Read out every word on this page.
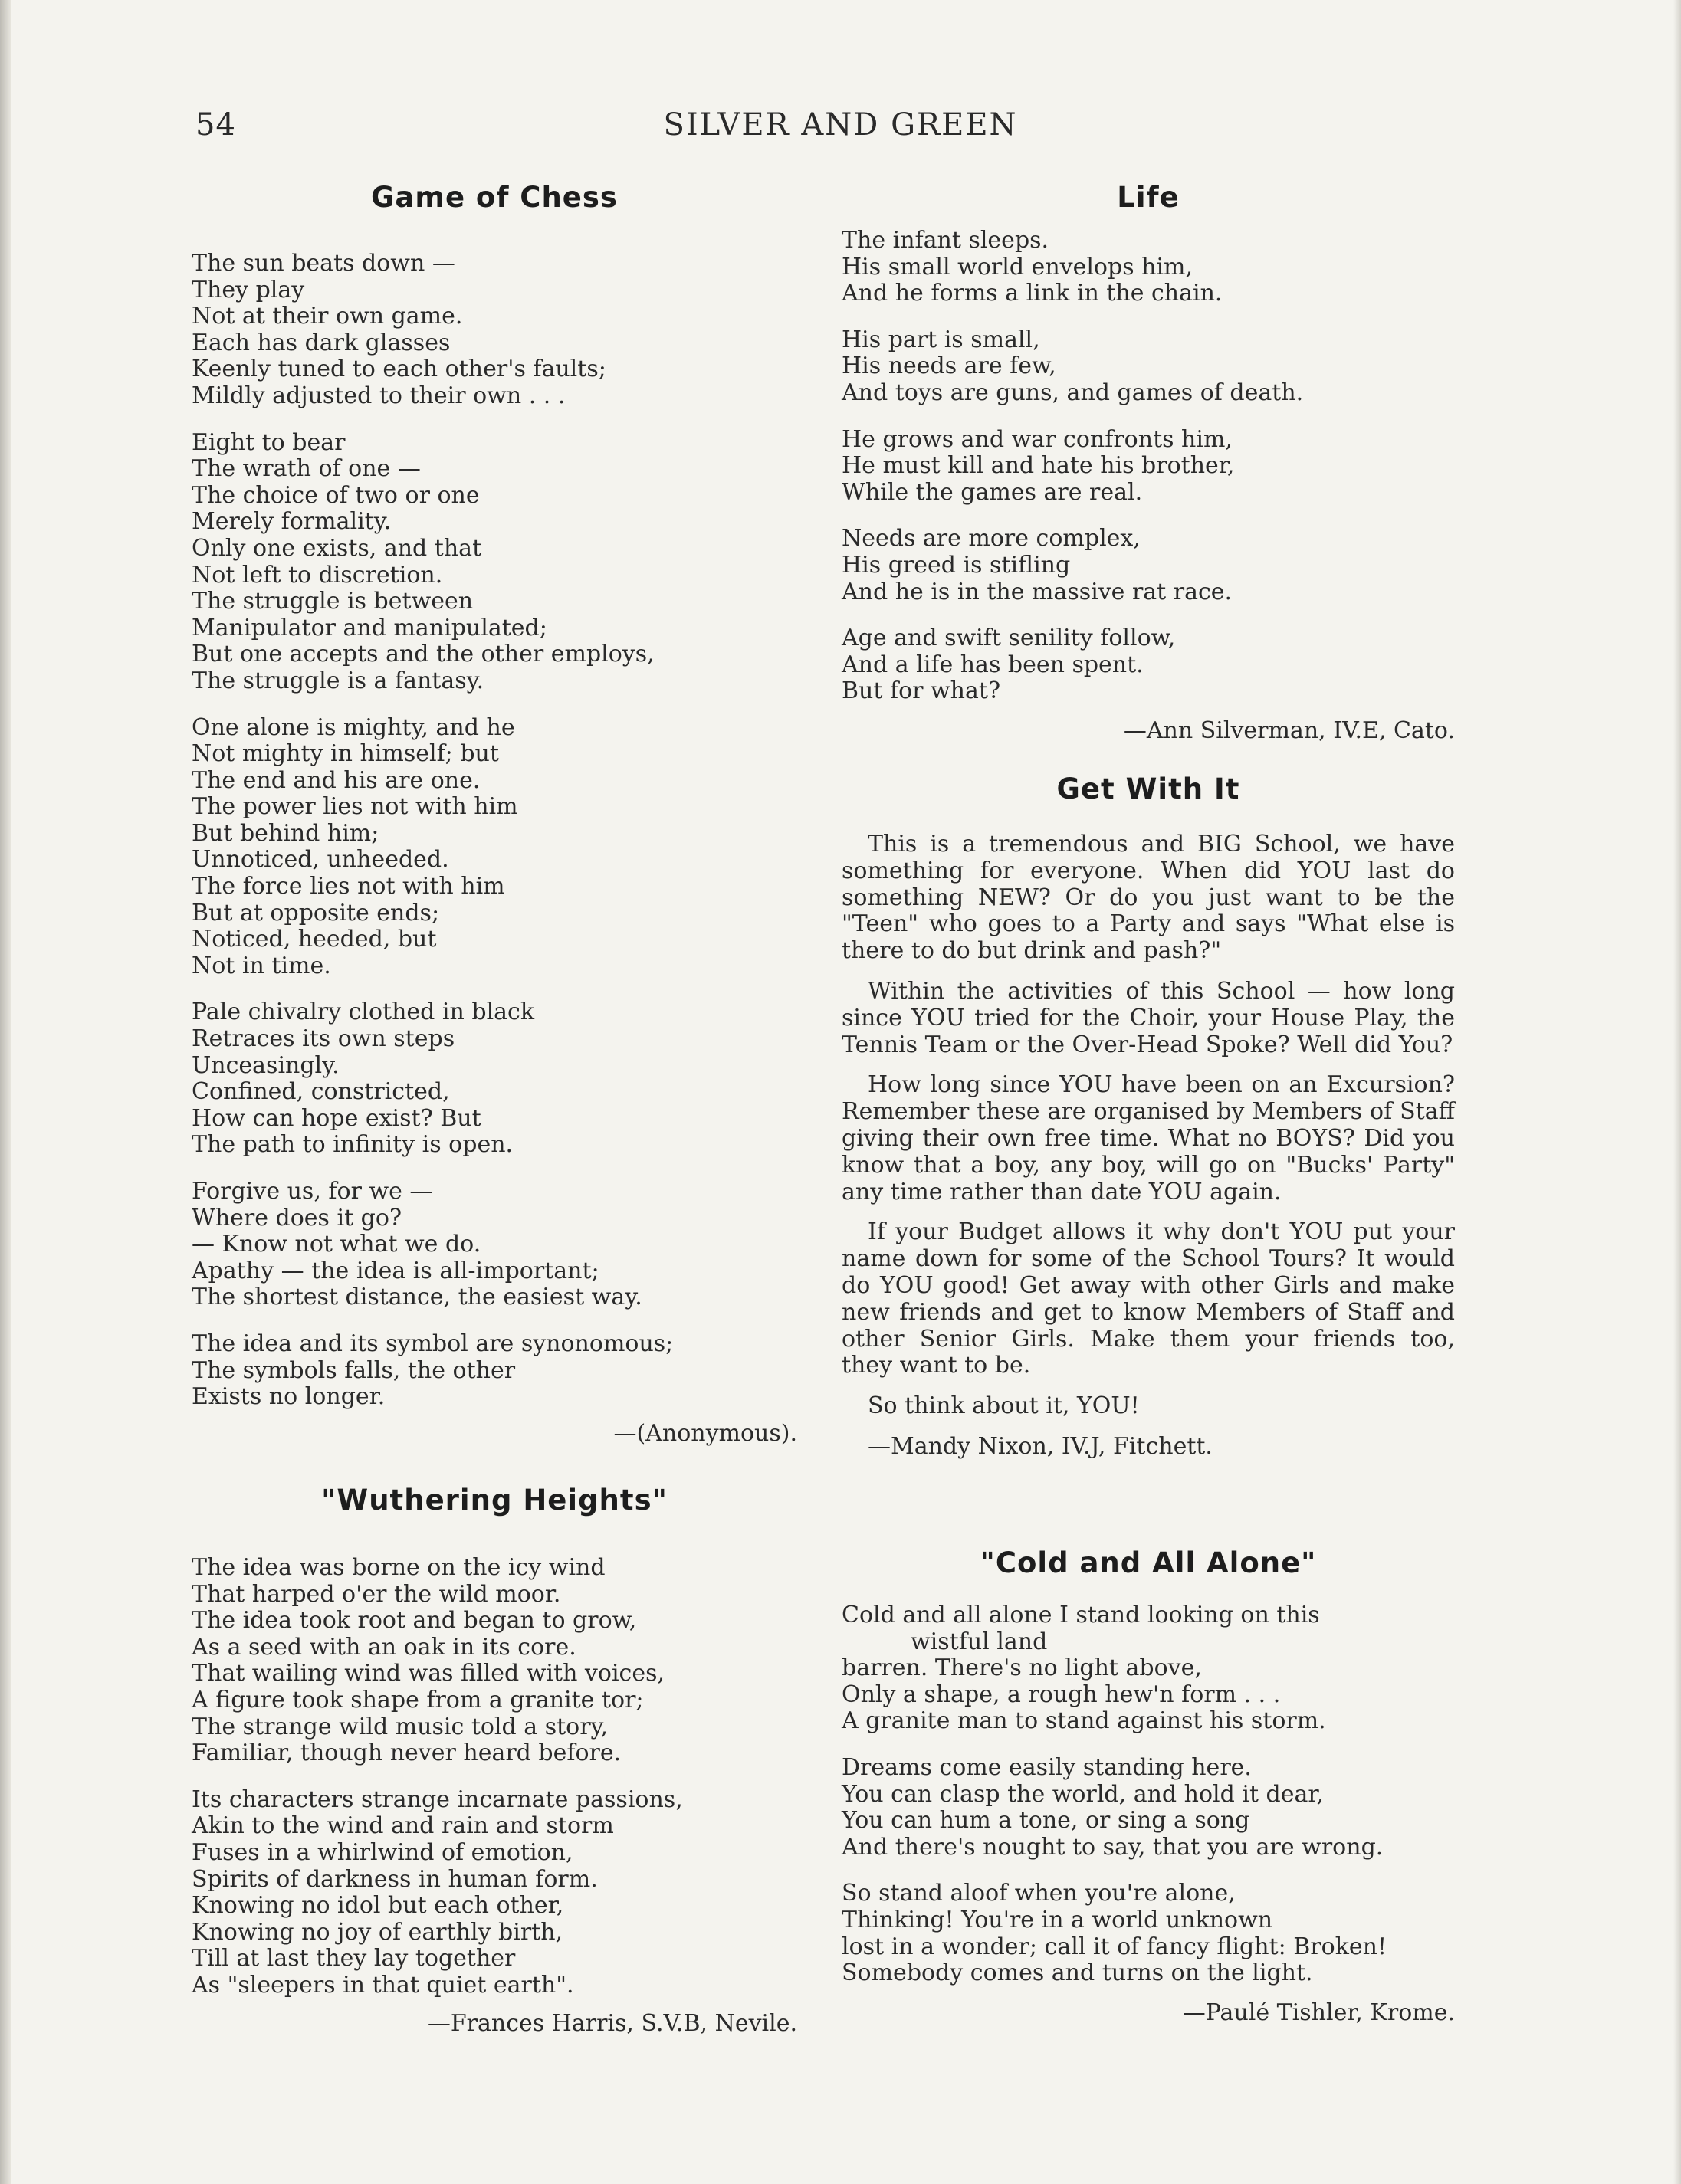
54	SILVER AND GREEN
Game of Chess
The sun beats down —
They play
Not at their own game.
Each has dark glasses
Keenly tuned to each other's faults;
Mildly adjusted to their own . . .
Eight to bear
The wrath of one —
The choice of two or one
Merely formality.
Only one exists, and that
Not left to discretion.
The struggle is between
Manipulator and manipulated;
But one accepts and the other employs,
The struggle is a fantasy.
One alone is mighty, and he
Not mighty in himself; but
The end and his are one.
The power lies not with him
But behind him;
Unnoticed, unheeded.
The force lies not with him
But at opposite ends;
Noticed, heeded, but
Not in time.
Pale chivalry clothed in black
Retraces its own steps
Unceasingly.
Confined, constricted,
How can hope exist? But
The path to infinity is open.
Forgive us, for we —
Where does it go?
— Know not what we do.
Apathy — the idea is all-important;
The shortest distance, the easiest way.
The idea and its symbol are synonomous;
The symbols falls, the other
Exists no longer.

—(Anonymous).

"Wuthering Heights"
The idea was borne on the icy wind
That harped o'er the wild moor.
The idea took root and began to grow,
As a seed with an oak in its core.
That wailing wind was filled with voices,
A figure took shape from a granite tor;
The strange wild music told a story,
Familiar, though never heard before.
Its characters strange incarnate passions,
Akin to the wind and rain and storm
Fuses in a whirlwind of emotion,
Spirits of darkness in human form.
Knowing no idol but each other,
Knowing no joy of earthly birth,
Till at last they lay together
As "sleepers in that quiet earth".

—Frances Harris, S.V.B, Nevile.

Life
The infant sleeps.
His small world envelops him,
And he forms a link in the chain.
His part is small,
His needs are few,
And toys are guns, and games of death.
He grows and war confronts him,
He must kill and hate his brother,
While the games are real.
Needs are more complex,
His greed is stifling
And he is in the massive rat race.
Age and swift senility follow,
And a life has been spent.
But for what?

—Ann Silverman, IV.E, Cato.

Get With It

This is a tremendous and BIG School, we have something for everyone. When did YOU last do something NEW? Or do you just want to be the "Teen" who goes to a Party and says "What else is there to do but drink and pash?"

Within the activities of this School — how long since YOU tried for the Choir, your House Play, the Tennis Team or the Over-Head Spoke? Well did You?

How long since YOU have been on an Excursion? Remember these are organised by Members of Staff giving their own free time. What no BOYS? Did you know that a boy, any boy, will go on "Bucks' Party" any time rather than date YOU again.

If your Budget allows it why don't YOU put your name down for some of the School Tours? It would do YOU good! Get away with other Girls and make new friends and get to know Members of Staff and other Senior Girls. Make them your friends too, they want to be.

So think about it, YOU!

—Mandy Nixon, IV.J, Fitchett.

"Cold and All Alone"
Cold and all alone I stand looking on this
wistful land
barren. There's no light above,
Only a shape, a rough hew'n form . . .
A granite man to stand against his storm.
Dreams come easily standing here.
You can clasp the world, and hold it dear,
You can hum a tone, or sing a song
And there's nought to say, that you are wrong.
So stand aloof when you're alone,
Thinking! You're in a world unknown
lost in a wonder; call it of fancy flight: Broken!
Somebody comes and turns on the light.

—Paulé Tishler, Krome.
